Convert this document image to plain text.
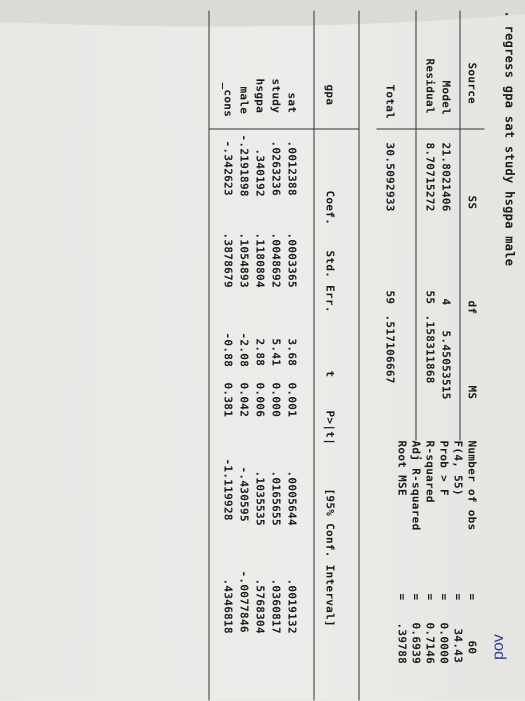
. regress gpa sat study hsgpa male
Source
SS
df
MS
Model
21.8021406
4
5.45053515
Residual
8.70715272
55
.158311868
Total
30.5092933
59
.517106667
Number of obs
=
60
F(4, 55)
=
34.43
Prob > F
=
0.0000
R-squared
=
0.7146
Adj R-squared
=
0.6939
Root MSE
=
.39788
gpa
Coef.
Std. Err.
t
P>|t|
[95% Conf. Interval]
sat
.0012388
.0003365
3.68
0.001
.0005644
.0019132
study
.0263236
.0048692
5.41
0.000
.0165655
.0360817
hsgpa
.340192
.1180804
2.88
0.006
.1035535
.5768304
male
-.2191898
.1054893
-2.08
0.042
-.430595
-.0077846
_cons
-.342623
.3878679
-0.88
0.381
-1.119928
.4346818
pov
